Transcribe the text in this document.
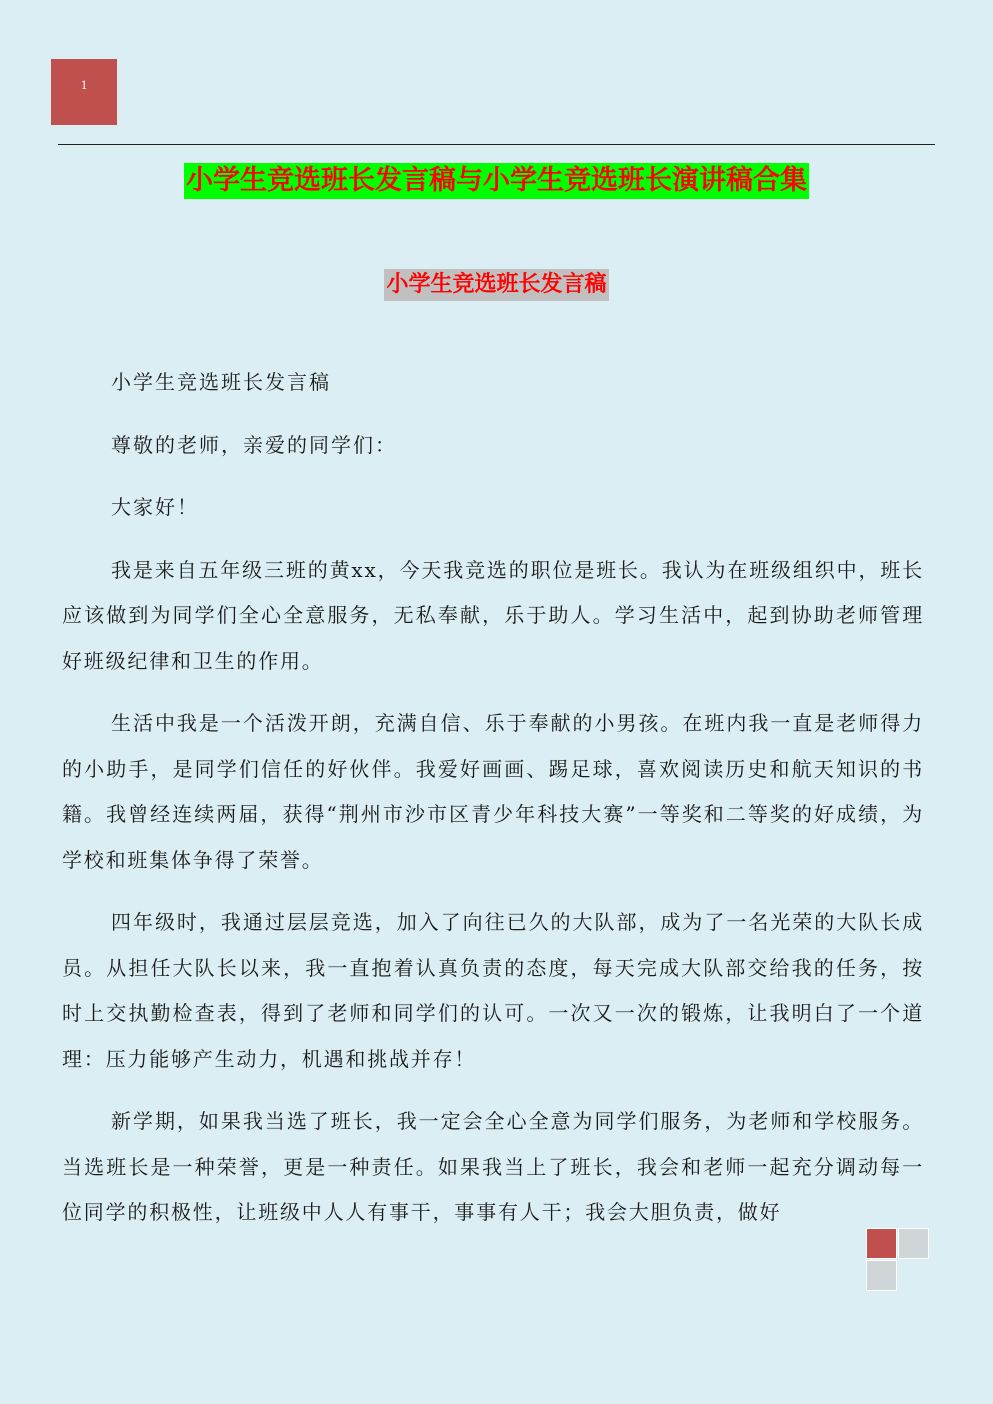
1
小学生竞选班长发言稿与小学生竞选班长演讲稿合集
小学生竞选班长发言稿

小学生竞选班长发言稿

尊敬的老师，亲爱的同学们：

大家好！

我是来自五年级三班的黄xx，今天我竞选的职位是班长。我认为在班级组织中，班长应该做到为同学们全心全意服务，无私奉献，乐于助人。学习生活中，起到协助老师管理好班级纪律和卫生的作用。

生活中我是一个活泼开朗，充满自信、乐于奉献的小男孩。在班内我一直是老师得力的小助手，是同学们信任的好伙伴。我爱好画画、踢足球，喜欢阅读历史和航天知识的书籍。我曾经连续两届，获得“荆州市沙市区青少年科技大赛”一等奖和二等奖的好成绩，为学校和班集体争得了荣誉。

四年级时，我通过层层竞选，加入了向往已久的大队部，成为了一名光荣的大队长成员。从担任大队长以来，我一直抱着认真负责的态度，每天完成大队部交给我的任务，按时上交执勤检查表，得到了老师和同学们的认可。一次又一次的锻炼，让我明白了一个道理：压力能够产生动力，机遇和挑战并存！

新学期，如果我当选了班长，我一定会全心全意为同学们服务，为老师和学校服务。当选班长是一种荣誉，更是一种责任。如果我当上了班长，我会和老师一起充分调动每一位同学的积极性，让班级中人人有事干，事事有人干；我会大胆负责，做好
